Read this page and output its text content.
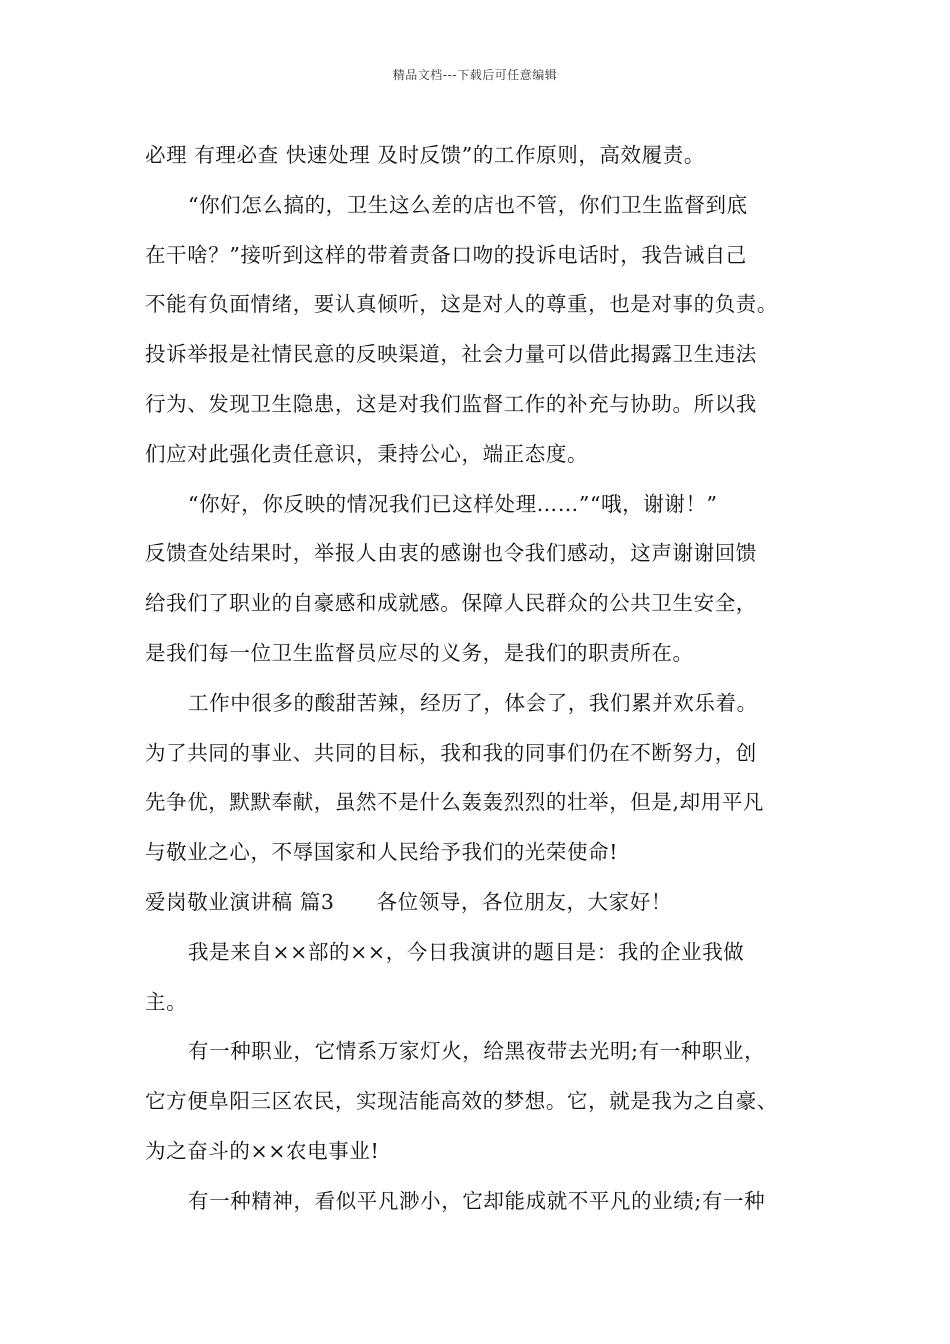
精品文档---下载后可任意编辑
必理 有理必查 快速处理 及时反馈”的工作原则，高效履责。
“你们怎么搞的，卫生这么差的店也不管，你们卫生监督到底
在干啥？”接听到这样的带着责备口吻的投诉电话时，我告诫自己
不能有负面情绪，要认真倾听，这是对人的尊重，也是对事的负责。
投诉举报是社情民意的反映渠道，社会力量可以借此揭露卫生违法
行为、发现卫生隐患，这是对我们监督工作的补充与协助。所以我
们应对此强化责任意识，秉持公心，端正态度。
“你好，你反映的情况我们已这样处理……”“哦，谢谢！”
反馈查处结果时，举报人由衷的感谢也令我们感动，这声谢谢回馈
给我们了职业的自豪感和成就感。保障人民群众的公共卫生安全，
是我们每一位卫生监督员应尽的义务，是我们的职责所在。
工作中很多的酸甜苦辣，经历了，体会了，我们累并欢乐着。
为了共同的事业、共同的目标，我和我的同事们仍在不断努力，创
先争优，默默奉献，虽然不是什么轰轰烈烈的壮举，但是,却用平凡
与敬业之心，不辱国家和人民给予我们的光荣使命!
爱岗敬业演讲稿 篇3 各位领导，各位朋友，大家好！
我是来自××部的××，今日我演讲的题目是：我的企业我做
主。
有一种职业，它情系万家灯火，给黑夜带去光明;有一种职业，
它方便阜阳三区农民，实现洁能高效的梦想。它，就是我为之自豪、
为之奋斗的××农电事业!
有一种精神，看似平凡渺小，它却能成就不平凡的业绩;有一种
